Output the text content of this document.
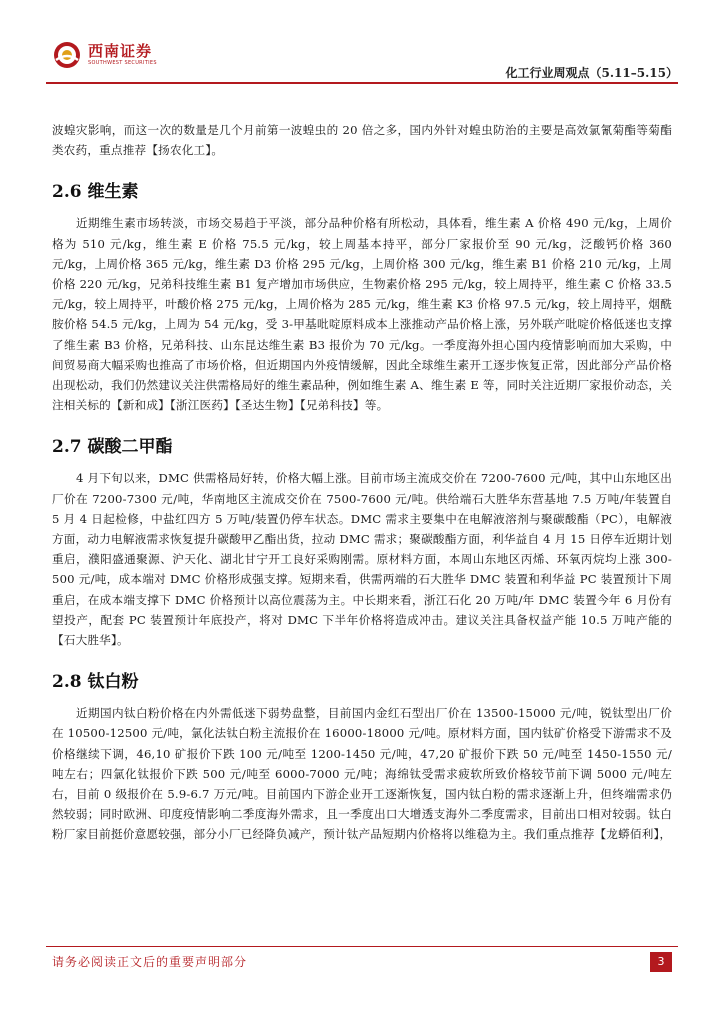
西南证券
SOUTHWEST SECURITIES
化工行业周观点（5.11–5.15）

波蝗灾影响，而这一次的数量是几个月前第一波蝗虫的 20 倍之多，国内外针对蝗虫防治的主要是高效氯氰菊酯等菊酯类农药，重点推荐【扬农化工】。

2.6 维生素

近期维生素市场转淡，市场交易趋于平淡，部分品种价格有所松动，具体看，维生素 A 价格 490 元/kg，上周价格为 510 元/kg，维生素 E 价格 75.5 元/kg，较上周基本持平，部分厂家报价至 90 元/kg，泛酸钙价格 360 元/kg，上周价格 365 元/kg，维生素 D3 价格 295 元/kg，上周价格 300 元/kg，维生素 B1 价格 210 元/kg，上周价格 220 元/kg，兄弟科技维生素 B1 复产增加市场供应，生物素价格 295 元/kg，较上周持平，维生素 C 价格 33.5 元/kg，较上周持平，叶酸价格 275 元/kg，上周价格为 285 元/kg，维生素 K3 价格 97.5 元/kg，较上周持平，烟酰胺价格 54.5 元/kg，上周为 54 元/kg，受 3-甲基吡啶原料成本上涨推动产品价格上涨，另外联产吡啶价格低迷也支撑了维生素 B3 价格，兄弟科技、山东昆达维生素 B3 报价为 70 元/kg。一季度海外担心国内疫情影响而加大采购，中间贸易商大幅采购也推高了市场价格，但近期国内外疫情缓解，因此全球维生素开工逐步恢复正常，因此部分产品价格出现松动，我们仍然建议关注供需格局好的维生素品种，例如维生素 A、维生素 E 等，同时关注近期厂家报价动态，关注相关标的【新和成】【浙江医药】【圣达生物】【兄弟科技】等。

2.7 碳酸二甲酯

4 月下旬以来，DMC 供需格局好转，价格大幅上涨。目前市场主流成交价在 7200-7600 元/吨，其中山东地区出厂价在 7200-7300 元/吨，华南地区主流成交价在 7500-7600 元/吨。供给端石大胜华东营基地 7.5 万吨/年装置自 5 月 4 日起检修，中盐红四方 5 万吨/装置仍停车状态。DMC 需求主要集中在电解液溶剂与聚碳酸酯（PC），电解液方面，动力电解液需求恢复提升碳酸甲乙酯出货，拉动 DMC 需求；聚碳酸酯方面，利华益自 4 月 15 日停车近期计划重启，濮阳盛通聚源、沪天化、湖北甘宁开工良好采购刚需。原材料方面，本周山东地区丙烯、环氧丙烷均上涨 300-500 元/吨，成本端对 DMC 价格形成强支撑。短期来看，供需两端的石大胜华 DMC 装置和利华益 PC 装置预计下周重启，在成本端支撑下 DMC 价格预计以高位震荡为主。中长期来看，浙江石化 20 万吨/年 DMC 装置今年 6 月份有望投产，配套 PC 装置预计年底投产，将对 DMC 下半年价格将造成冲击。建议关注具备权益产能 10.5 万吨产能的【石大胜华】。

2.8 钛白粉

近期国内钛白粉价格在内外需低迷下弱势盘整，目前国内金红石型出厂价在 13500-15000 元/吨，锐钛型出厂价在 10500-12500 元/吨，氯化法钛白粉主流报价在 16000-18000 元/吨。原材料方面，国内钛矿价格受下游需求不及价格继续下调，46,10 矿报价下跌 100 元/吨至 1200-1450 元/吨，47,20 矿报价下跌 50 元/吨至 1450-1550 元/吨左右；四氯化钛报价下跌 500 元/吨至 6000-7000 元/吨；海绵钛受需求疲软所致价格较节前下调 5000 元/吨左右，目前 0 级报价在 5.9-6.7 万元/吨。目前国内下游企业开工逐渐恢复，国内钛白粉的需求逐渐上升，但终端需求仍然较弱；同时欧洲、印度疫情影响二季度海外需求，且一季度出口大增透支海外二季度需求，目前出口相对较弱。钛白粉厂家目前挺价意愿较强，部分小厂已经降负减产，预计钛产品短期内价格将以维稳为主。我们重点推荐【龙蟒佰利】，

请务必阅读正文后的重要声明部分	3
